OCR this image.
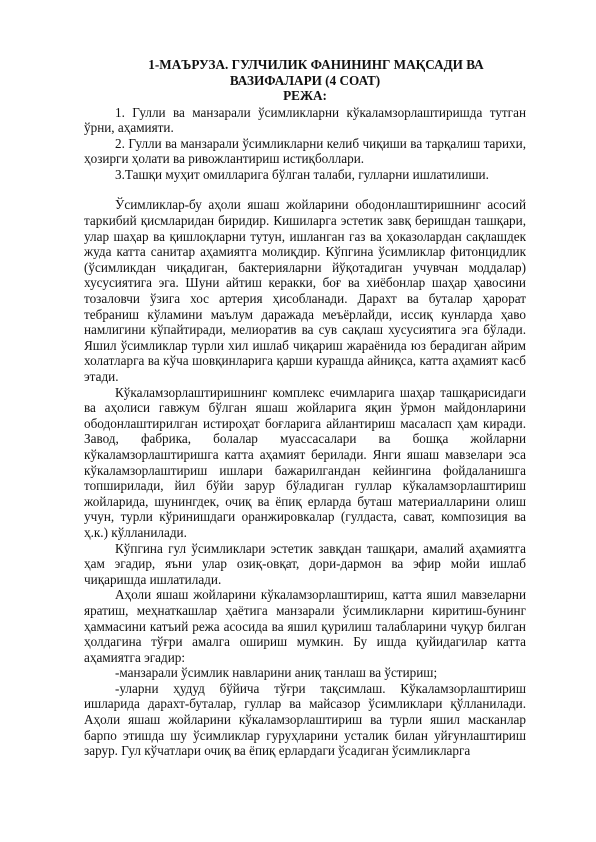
1-МАЪРУЗА. ГУЛЧИЛИК ФАНИНИНГ МАҚСАДИ ВА

ВАЗИФАЛАРИ (4 СОАТ)

РЕЖА:

1. Гулли ва манзарали ўсимликларни кўкаламзорлаштиришда тутган ўрни, аҳамияти.

2. Гулли ва манзарали ўсимликларни келиб чиқиши ва тарқалиш тарихи, ҳозирги ҳолати ва ривожлантириш истиқболлари.

3.Ташқи муҳит омилларига бўлган талаби, гулларни ишлатилиши.

Ўсимликлар-бу аҳоли яшаш жойларини ободонлаштиришнинг асосий таркибий қисмларидан биридир. Кишиларга эстетик завқ беришдан ташқари, улар шаҳар ва қишлоқларни тутун, ишланган газ ва ҳоказолардан сақлашдек жуда катта санитар аҳамиятга молиқдир. Кўпгина ўсимликлар фитонцидлик (ўсимликдан чиқадиган, бактерияларни йўқотадиган учувчан моддалар) хусусиятига эга. Шуни айтиш керакки, боғ ва хиёбонлар шаҳар ҳавосини тозаловчи ўзига хос артерия ҳисобланади. Дарахт ва буталар ҳарорат тебраниш кўламини маълум даражада меъёрлайди, иссиқ кунларда ҳаво намлигини кўпайтиради, мелиоратив ва сув сақлаш хусусиятига эга бўлади. Яшил ўсимликлар турли хил ишлаб чиқариш жараёнида юз берадиган айрим холатларга ва кўча шовқинларига қарши курашда айниқса, катта аҳамият касб этади.

Кўкаламзорлаштиришнинг комплекс ечимларига шаҳар ташқарисидаги ва аҳолиси гавжум бўлган яшаш жойларига яқин ўрмон майдонларини ободонлаштирилган истироҳат боғларига айлантириш масаласп ҳам киради. Завод, фабрика, болалар муассасалари ва бошқа жойларни кўкаламзорлаштиришга катта аҳамият берилади. Янги яшаш мавзелари эса кўкаламзорлаштириш ишлари бажарилгандан кейингина фойдаланишга топширилади, йил бўйи зарур бўладиган гуллар кўкаламзорлаштириш жойларида, шунингдек, очиқ ва ёпиқ ерларда буташ материалларини олиш учун, турли кўринишдаги оранжировкалар (гулдаста, сават, композиция ва ҳ.к.) кўлланилади.

Кўпгина гул ўсимликлари эстетик завқдан ташқари, амалий аҳамиятга ҳам эгадир, яъни улар озиқ-овқат, дори-дармон ва эфир мойи ишлаб чиқаришда ишлатилади.

Аҳоли яшаш жойларини кўкаламзорлаштириш, катта яшил мавзеларни яратиш, меҳнаткашлар ҳаётига манзарали ўсимликларни киритиш-бунинг ҳаммасини катъий режа асосида ва яшил қурилиш талабларини чуқур билган ҳолдагина тўғри амалга ошириш мумкин. Бу ишда қуйидагилар катта аҳамиятга эгадир:

-манзарали ўсимлик навларини аниқ танлаш ва ўстириш;

-уларни ҳудуд бўйича тўғри тақсимлаш. Кўкаламзорлаштириш ишларида дарахт-буталар, гуллар ва майсазор ўсимликлари қўлланилади. Аҳоли яшаш жойларини кўкаламзорлаштириш ва турли яшил масканлар барпо этишда шу ўсимликлар гуруҳларини усталик билан уйғунлаштириш зарур. Гул кўчатлари очиқ ва ёпиқ ерлардаги ўсадиган ўсимликларга
